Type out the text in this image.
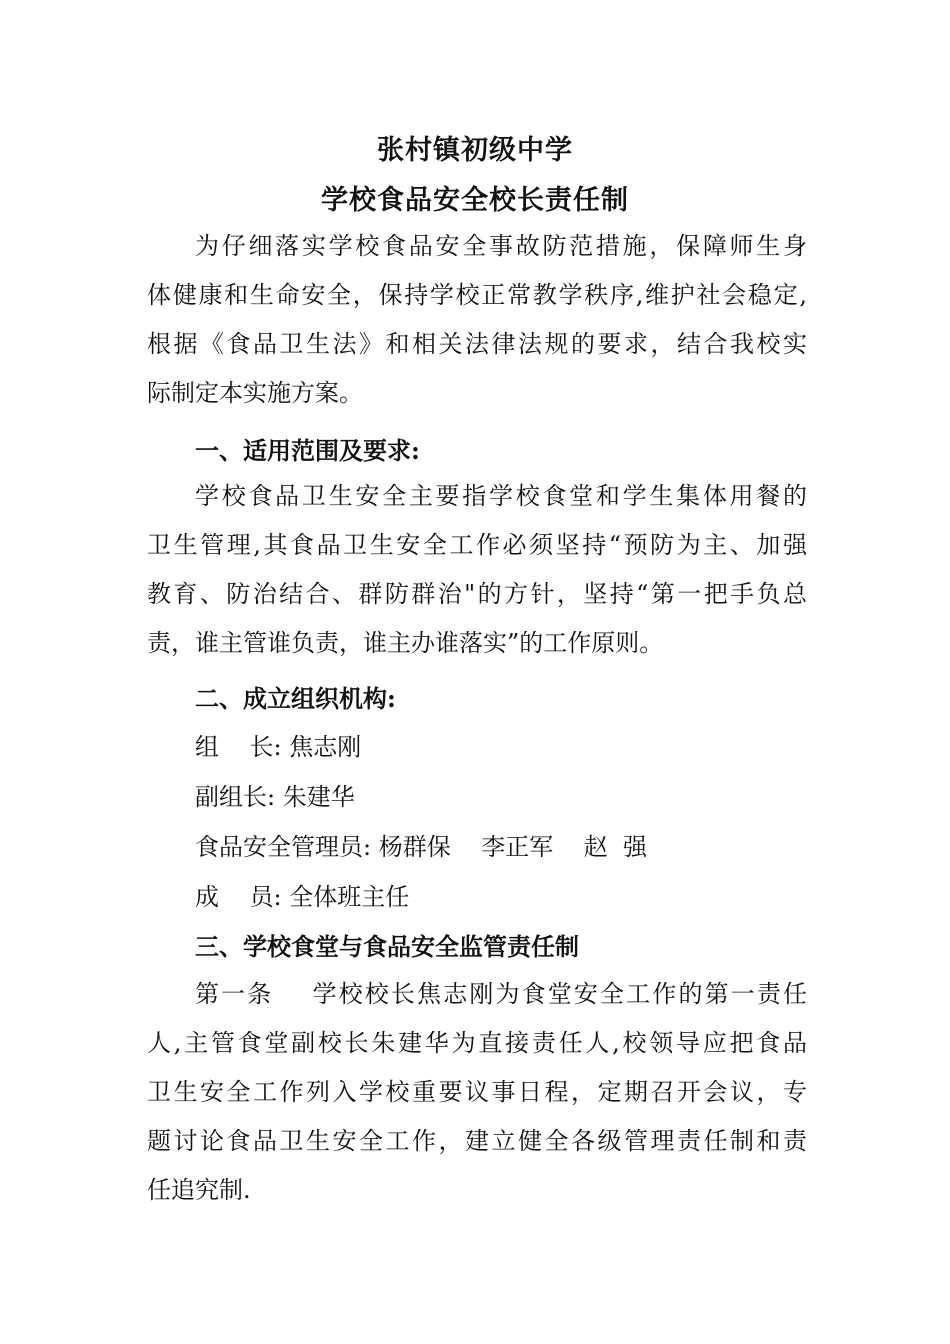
张村镇初级中学
学校食品安全校长责任制
为仔细落实学校食品安全事故防范措施，保障师生身
体健康和生命安全，保持学校正常教学秩序,维护社会稳定,
根据《食品卫生法》和相关法律法规的要求，结合我校实
际制定本实施方案。
一、适用范围及要求:
学校食品卫生安全主要指学校食堂和学生集体用餐的
卫生管理,其食品卫生安全工作必须坚持“预防为主、加强
教育、防治结合、群防群治"的方针，坚持“第一把手负总
责，谁主管谁负责，谁主办谁落实”的工作原则。
二、成立组织机构:
组    长: 焦志刚
副组长: 朱建华
食品安全管理员: 杨群保    李正军    赵  强
成    员: 全体班主任
三、学校食堂与食品安全监管责任制
第一条    学校校长焦志刚为食堂安全工作的第一责任
人,主管食堂副校长朱建华为直接责任人,校领导应把食品
卫生安全工作列入学校重要议事日程，定期召开会议，专
题讨论食品卫生安全工作，建立健全各级管理责任制和责
任追究制.
